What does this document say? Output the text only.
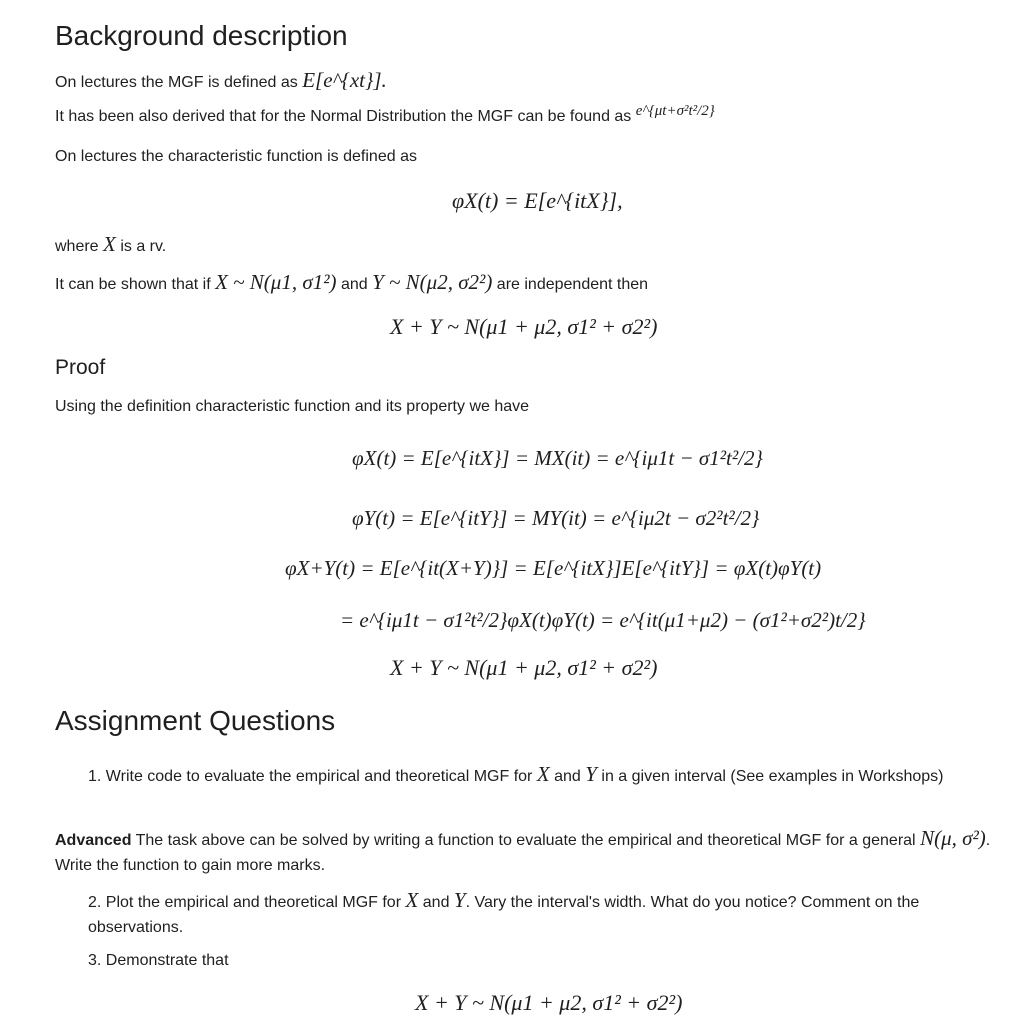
Background description
On lectures the MGF is defined as E[e^{xt}].
It has been also derived that for the Normal Distribution the MGF can be found as e^{μt+σ²t²/2}
On lectures the characteristic function is defined as
φX(t) = E[e^{itX}],
where X is a rv.
It can be shown that if X ~ N(μ1, σ1²) and Y ~ N(μ2, σ2²) are independent then
X + Y ~ N(μ1 + μ2, σ1² + σ2²)
Proof
Using the definition characteristic function and its property we have
φX(t) = E[e^{itX}] = MX(it) = e^{iμ1t − σ1²t²/2}
φY(t) = E[e^{itY}] = MY(it) = e^{iμ2t − σ2²t²/2}
φX+Y(t) = E[e^{it(X+Y)}] = E[e^{itX}]E[e^{itY}] = φX(t)φY(t)
= e^{iμ1t − σ1²t²/2}φX(t)φY(t) = e^{it(μ1+μ2) − (σ1²+σ2²)t/2}
X + Y ~ N(μ1 + μ2, σ1² + σ2²)
Assignment Questions
1. Write code to evaluate the empirical and theoretical MGF for X and Y in a given interval (See examples in Workshops)
Advanced The task above can be solved by writing a function to evaluate the empirical and theoretical MGF for a general N(μ, σ²). Write the function to gain more marks.
2. Plot the empirical and theoretical MGF for X and Y. Vary the interval's width. What do you notice? Comment on the observations.
3. Demonstrate that
X + Y ~ N(μ1 + μ2, σ1² + σ2²)
